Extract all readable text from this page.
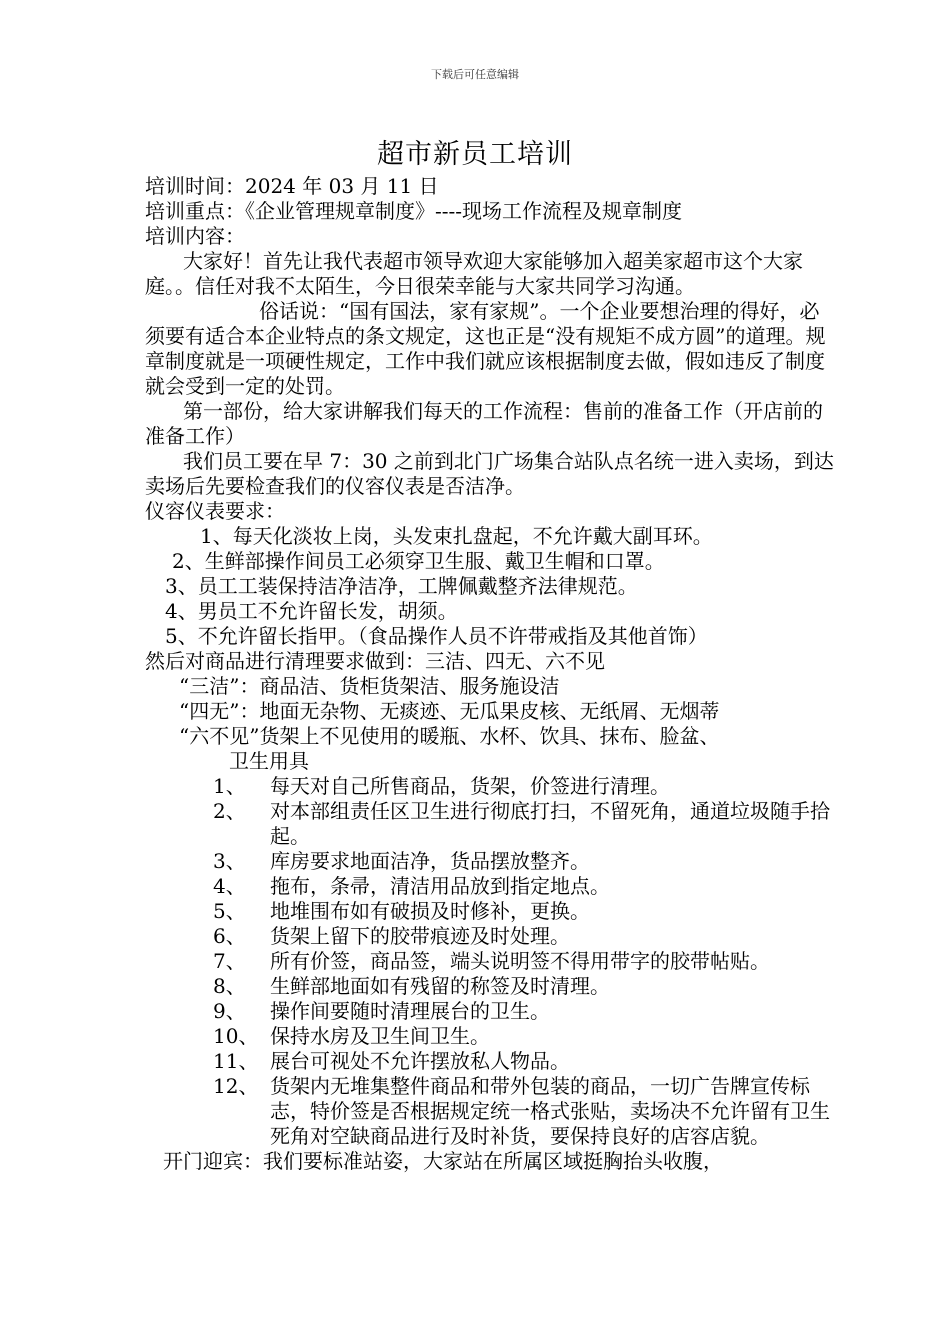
下载后可任意编辑
超市新员工培训
培训时间：2024 年 03 月 11 日
培训重点：《企业管理规章制度》----现场工作流程及规章制度
培训内容：
大家好！首先让我代表超市领导欢迎大家能够加入超美家超市这个大家庭。。信任对我不太陌生，今日很荣幸能与大家共同学习沟通。
俗话说：“国有国法，家有家规”。一个企业要想治理的得好，必须要有适合本企业特点的条文规定，这也正是“没有规矩不成方圆”的道理。规章制度就是一项硬性规定，工作中我们就应该根据制度去做，假如违反了制度就会受到一定的处罚。
第一部份，给大家讲解我们每天的工作流程：售前的准备工作（开店前的准备工作）
我们员工要在早 7：30 之前到北门广场集合站队点名统一进入卖场，到达卖场后先要检查我们的仪容仪表是否洁净。
仪容仪表要求：
1、每天化淡妆上岗，头发束扎盘起，不允许戴大副耳环。
2、生鲜部操作间员工必须穿卫生服、戴卫生帽和口罩。
3、员工工装保持洁净洁净，工牌佩戴整齐法律规范。
4、男员工不允许留长发，胡须。
5、不允许留长指甲。（食品操作人员不许带戒指及其他首饰）
然后对商品进行清理要求做到：三洁、四无、六不见
“三洁”：商品洁、货柜货架洁、服务施设洁
“四无”：地面无杂物、无痰迹、无瓜果皮核、无纸屑、无烟蒂
“六不见”货架上不见使用的暖瓶、水杯、饮具、抹布、脸盆、
卫生用具
1、	每天对自己所售商品，货架，价签进行清理。
2、	对本部组责任区卫生进行彻底打扫，不留死角，通道垃圾随手拾起。
3、	库房要求地面洁净，货品摆放整齐。
4、	拖布，条帚，清洁用品放到指定地点。
5、	地堆围布如有破损及时修补，更换。
6、	货架上留下的胶带痕迹及时处理。
7、	所有价签，商品签，端头说明签不得用带字的胶带帖贴。
8、	生鲜部地面如有残留的称签及时清理。
9、	操作间要随时清理展台的卫生。
10、 保持水房及卫生间卫生。
11、 展台可视处不允许摆放私人物品。
12、 货架内无堆集整件商品和带外包装的商品，一切广告牌宣传标志，特价签是否根据规定统一格式张贴，卖场决不允许留有卫生死角对空缺商品进行及时补货，要保持良好的店容店貌。
开门迎宾：我们要标准站姿，大家站在所属区域挺胸抬头收腹，
